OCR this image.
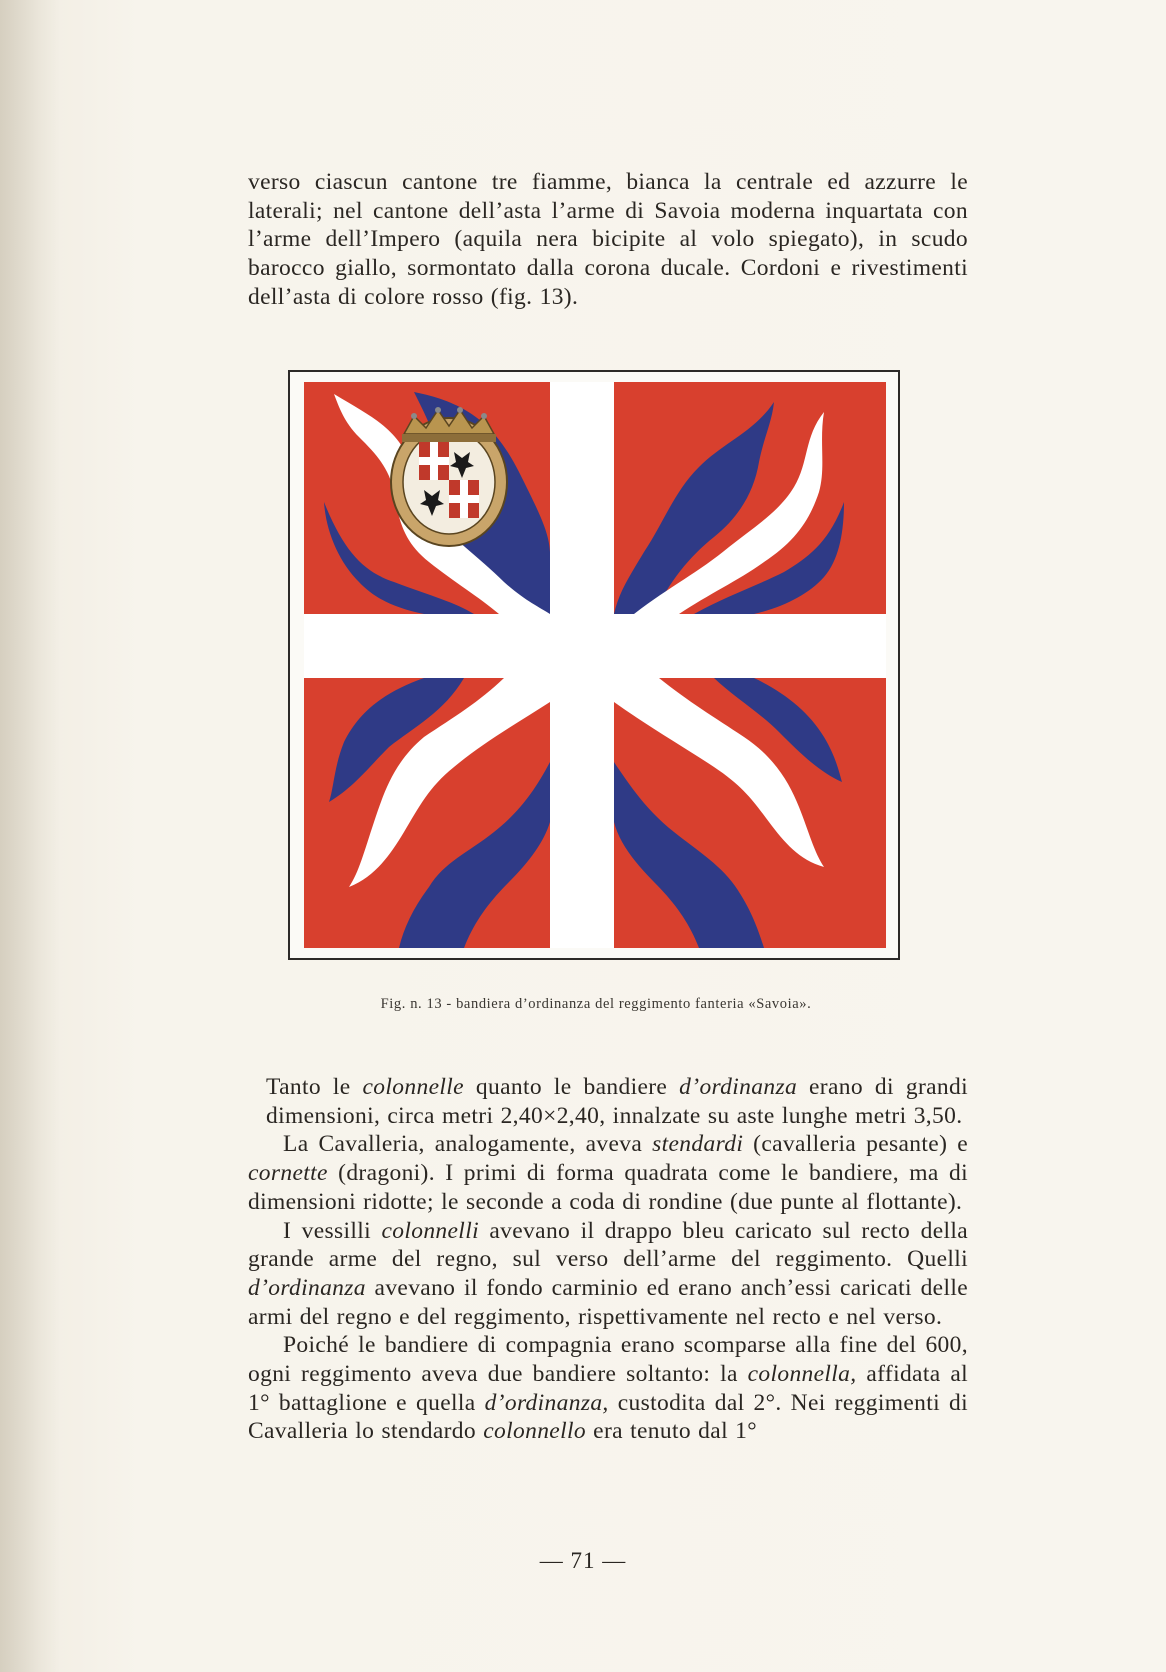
verso ciascun cantone tre fiamme, bianca la centrale ed azzurre le laterali; nel cantone dell’asta l’arme di Savoia moderna inquartata con l’arme dell’Impero (aquila nera bicipite al volo spiegato), in scudo barocco giallo, sormontato dalla corona ducale. Cordoni e rivestimenti dell’asta di colore rosso (fig. 13).
Fig. n. 13 - bandiera d’ordinanza del reggimento fanteria «Savoia».

Tanto le colonnelle quanto le bandiere d’ordinanza erano di grandi dimensioni, circa metri 2,40×2,40, innalzate su aste lunghe metri 3,50.

La Cavalleria, analogamente, aveva stendardi (cavalleria pesante) e cornette (dragoni). I primi di forma quadrata come le bandiere, ma di dimensioni ridotte; le seconde a coda di rondine (due punte al flottante).

I vessilli colonnelli avevano il drappo bleu caricato sul recto della grande arme del regno, sul verso dell’arme del reggimento. Quelli d’ordinanza avevano il fondo carminio ed erano anch’essi caricati delle armi del regno e del reggimento, rispettivamente nel recto e nel verso.

Poiché le bandiere di compagnia erano scomparse alla fine del 600, ogni reggimento aveva due bandiere soltanto: la colonnella, affidata al 1° battaglione e quella d’ordinanza, custodita dal 2°. Nei reggimenti di Cavalleria lo stendardo colonnello era tenuto dal 1°

— 71 —
